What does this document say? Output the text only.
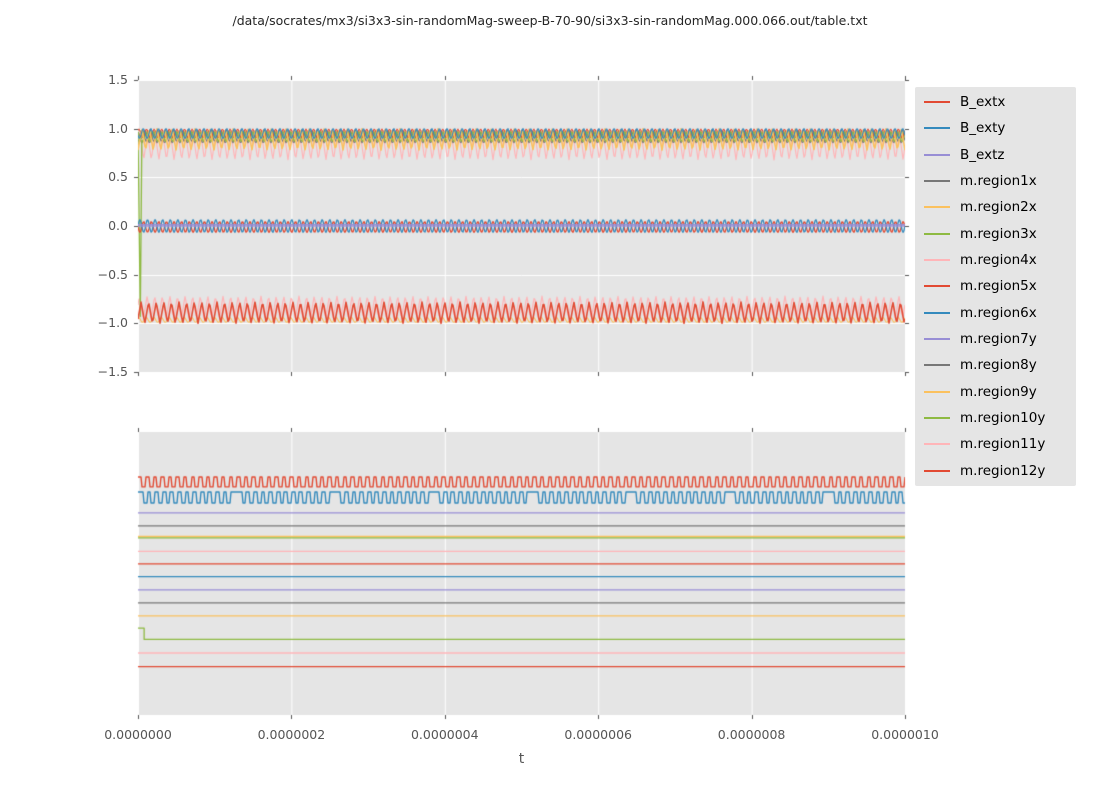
/data/socrates/mx3/si3x3-sin-randomMag-sweep-B-70-90/si3x3-sin-randomMag.000.066.out/table.txt
1.5
1.0
0.5
0.0
−0.5
−1.0
−1.5
0.0000000	0.0000002	0.0000004	0.0000006	0.0000008	0.0000010
t
B_extx
B_exty
B_extz
m.region1x
m.region2x
m.region3x
m.region4x
m.region5x
m.region6x
m.region7y
m.region8y
m.region9y
m.region10y
m.region11y
m.region12y
